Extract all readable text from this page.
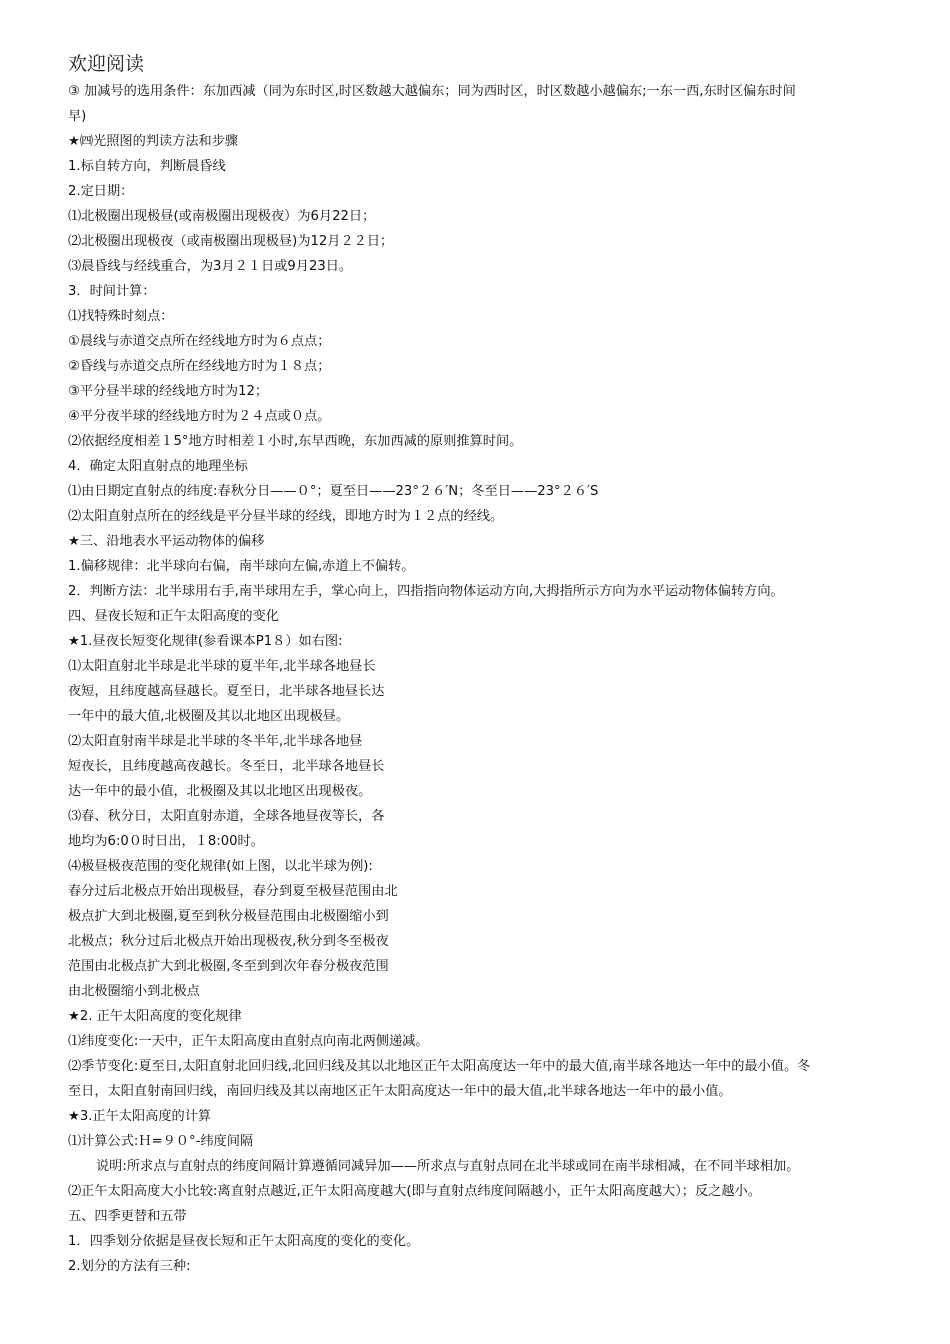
欢迎阅读
③ 加减号的选用条件：东加西减（同为东时区,时区数越大越偏东；同为西时区，时区数越小越偏东;一东一西,东时区偏东时间
早)
★㈣光照图的判读方法和步骤
1.标自转方向，判断晨昏线
2.定日期：
⑴北极圈出现极昼(或南极圈出现极夜）为6月22日；
⑵北极圈出现极夜（或南极圈出现极昼)为12月２２日；
⑶晨昏线与经线重合，为3月２１日或9月23日。
3．时间计算：
⑴找特殊时刻点：
①晨线与赤道交点所在经线地方时为６点点；
②昏线与赤道交点所在经线地方时为１８点；
③平分昼半球的经线地方时为12；
④平分夜半球的经线地方时为２４点或０点。
⑵依据经度相差１5°地方时相差１小时,东早西晚，东加西减的原则推算时间。
4．确定太阳直射点的地理坐标
⑴由日期定直射点的纬度:春秋分日——０°；夏至日——23°２６′N；冬至日——23°２６′S
⑵太阳直射点所在的经线是平分昼半球的经线，即地方时为１２点的经线。
★三、沿地表水平运动物体的偏移
1.偏移规律：北半球向右偏，南半球向左偏,赤道上不偏转。
2．判断方法：北半球用右手,南半球用左手，掌心向上，四指指向物体运动方向,大拇指所示方向为水平运动物体偏转方向。
四、昼夜长短和正午太阳高度的变化
★1.昼夜长短变化规律(参看课本P1８）如右图:
⑴太阳直射北半球是北半球的夏半年,北半球各地昼长
夜短，且纬度越高昼越长。夏至日，北半球各地昼长达
一年中的最大值,北极圈及其以北地区出现极昼。
⑵太阳直射南半球是北半球的冬半年,北半球各地昼
短夜长，且纬度越高夜越长。冬至日，北半球各地昼长
达一年中的最小值，北极圈及其以北地区出现极夜。
⑶春、秋分日，太阳直射赤道，全球各地昼夜等长，各
地均为6:0０时日出，１8:00时。
⑷极昼极夜范围的变化规律(如上图，以北半球为例):
春分过后北极点开始出现极昼，春分到夏至极昼范围由北
极点扩大到北极圈,夏至到秋分极昼范围由北极圈缩小到
北极点；秋分过后北极点开始出现极夜,秋分到冬至极夜
范围由北极点扩大到北极圈,冬至到到次年春分极夜范围
由北极圈缩小到北极点
★2. 正午太阳高度的变化规律
⑴纬度变化:一天中，正午太阳高度由直射点向南北两侧递减。
⑵季节变化:夏至日,太阳直射北回归线,北回归线及其以北地区正午太阳高度达一年中的最大值,南半球各地达一年中的最小值。冬
至日，太阳直射南回归线，南回归线及其以南地区正午太阳高度达一年中的最大值,北半球各地达一年中的最小值。
★3.正午太阳高度的计算
⑴计算公式:Ｈ=９０°-纬度间隔
说明:所求点与直射点的纬度间隔计算遵循同减异加——所求点与直射点同在北半球或同在南半球相减，在不同半球相加。
⑵正午太阳高度大小比较:离直射点越近,正午太阳高度越大(即与直射点纬度间隔越小，正午太阳高度越大）；反之越小。
五、四季更替和五带
1．四季划分依据是昼夜长短和正午太阳高度的变化的变化。
2.划分的方法有三种:
